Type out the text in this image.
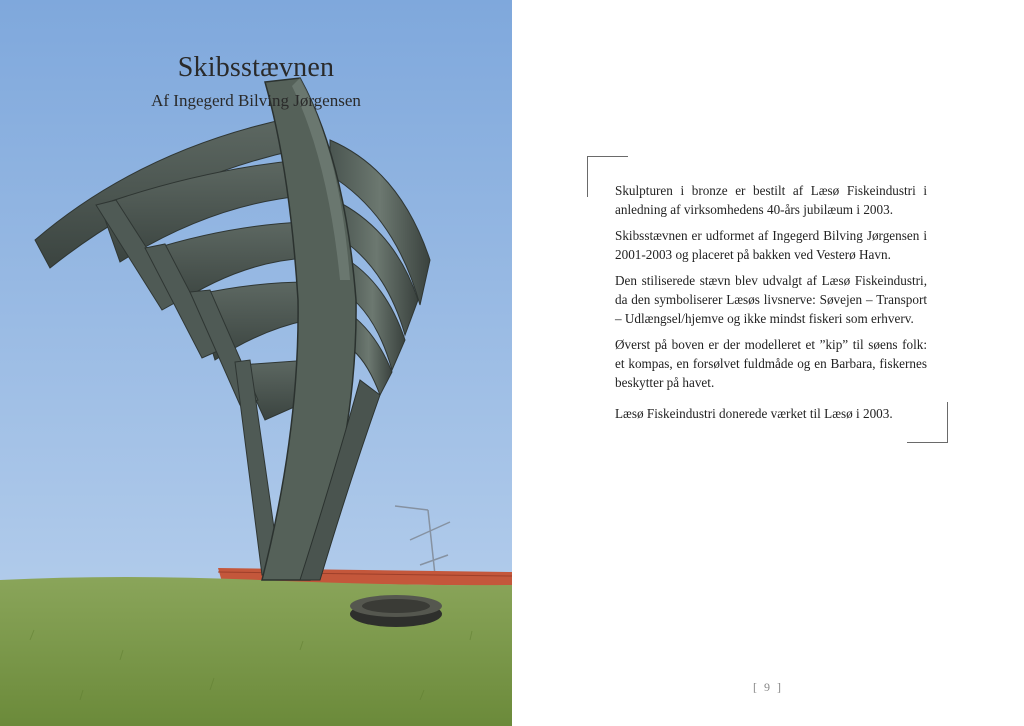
Skibsstævnen
Af Ingegerd Bilving Jørgensen

Skulpturen i bronze er bestilt af Læsø Fiskeindustri i anledning af virksomhedens 40-års jubilæum i 2003.

Skibsstævnen er udformet af Ingegerd Bilving Jørgensen i 2001-2003 og placeret på bakken ved Vesterø Havn.

Den stiliserede stævn blev udvalgt af Læsø Fiskeindustri, da den symboliserer Læsøs livsnerve: Søvejen – Transport – Udlængsel/hjemve og ikke mindst fiskeri som erhverv.

Øverst på boven er der modelleret et ”kip” til søens folk: et kompas, en forsølvet fuldmåde og en Barbara, fiskernes beskytter på havet.

Læsø Fiskeindustri donerede værket til Læsø i 2003.
[ 9 ]
